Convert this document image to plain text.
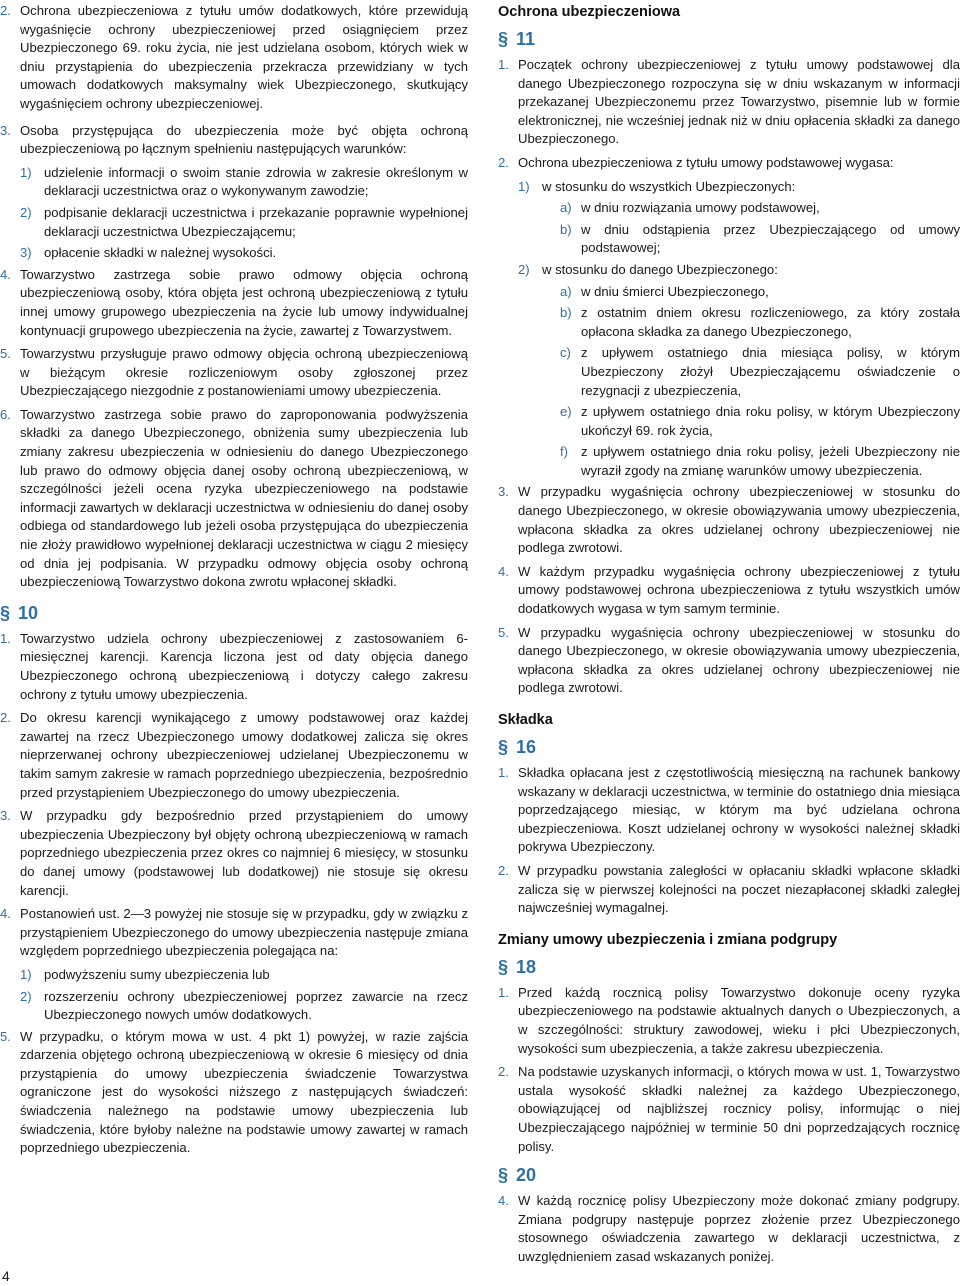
2. Ochrona ubezpieczeniowa z tytułu umów dodatkowych, które przewidują wygaśnięcie ochrony ubezpieczeniowej przed osiągnięciem przez Ubezpieczonego 69. roku życia, nie jest udzielana osobom, których wiek w dniu przystąpienia do ubezpieczenia przekracza przewidziany w tych umowach dodatkowych maksymalny wiek Ubezpieczonego, skutkujący wygaśnięciem ochrony ubezpieczeniowej.
3. Osoba przystępująca do ubezpieczenia może być objęta ochroną ubezpieczeniową po łącznym spełnieniu następujących warunków:
1) udzielenie informacji o swoim stanie zdrowia w zakresie określonym w deklaracji uczestnictwa oraz o wykonywanym zawodzie;
2) podpisanie deklaracji uczestnictwa i przekazanie poprawnie wypełnionej deklaracji uczestnictwa Ubezpieczającemu;
3) opłacenie składki w należnej wysokości.
4. Towarzystwo zastrzega sobie prawo odmowy objęcia ochroną ubezpieczeniową osoby, która objęta jest ochroną ubezpieczeniową z tytułu innej umowy grupowego ubezpieczenia na życie lub umowy indywidualnej kontynuacji grupowego ubezpieczenia na życie, zawartej z Towarzystwem.
5. Towarzystwu przysługuje prawo odmowy objęcia ochroną ubezpieczeniową w bieżącym okresie rozliczeniowym osoby zgłoszonej przez Ubezpieczającego niezgodnie z postanowieniami umowy ubezpieczenia.
6. Towarzystwo zastrzega sobie prawo do zaproponowania podwyższenia składki za danego Ubezpieczonego, obniżenia sumy ubezpieczenia lub zmiany zakresu ubezpieczenia w odniesieniu do danego Ubezpieczonego lub prawo do odmowy objęcia danej osoby ochroną ubezpieczeniową, w szczególności jeżeli ocena ryzyka ubezpieczeniowego na podstawie informacji zawartych w deklaracji uczestnictwa w odniesieniu do danej osoby odbiega od standardowego lub jeżeli osoba przystępująca do ubezpieczenia nie złoży prawidłowo wypełnionej deklaracji uczestnictwa w ciągu 2 miesięcy od dnia jej podpisania. W przypadku odmowy objęcia osoby ochroną ubezpieczeniową Towarzystwo dokona zwrotu wpłaconej składki.
§ 10
1. Towarzystwo udziela ochrony ubezpieczeniowej z zastosowaniem 6-miesięcznej karencji. Karencja liczona jest od daty objęcia danego Ubezpieczonego ochroną ubezpieczeniową i dotyczy całego zakresu ochrony z tytułu umowy ubezpieczenia.
2. Do okresu karencji wynikającego z umowy podstawowej oraz każdej zawartej na rzecz Ubezpieczonego umowy dodatkowej zalicza się okres nieprzerwanej ochrony ubezpieczeniowej udzielanej Ubezpieczonemu w takim samym zakresie w ramach poprzedniego ubezpieczenia, bezpośrednio przed przystąpieniem Ubezpieczonego do umowy ubezpieczenia.
3. W przypadku gdy bezpośrednio przed przystąpieniem do umowy ubezpieczenia Ubezpieczony był objęty ochroną ubezpieczeniową w ramach poprzedniego ubezpieczenia przez okres co najmniej 6 miesięcy, w stosunku do danej umowy (podstawowej lub dodatkowej) nie stosuje się okresu karencji.
4. Postanowień ust. 2—3 powyżej nie stosuje się w przypadku, gdy w związku z przystąpieniem Ubezpieczonego do umowy ubezpieczenia następuje zmiana względem poprzedniego ubezpieczenia polegająca na:
1) podwyższeniu sumy ubezpieczenia lub
2) rozszerzeniu ochrony ubezpieczeniowej poprzez zawarcie na rzecz Ubezpieczonego nowych umów dodatkowych.
5. W przypadku, o którym mowa w ust. 4 pkt 1) powyżej, w razie zajścia zdarzenia objętego ochroną ubezpieczeniową w okresie 6 miesięcy od dnia przystąpienia do umowy ubezpieczenia świadczenie Towarzystwa ograniczone jest do wysokości niższego z następujących świadczeń: świadczenia należnego na podstawie umowy ubezpieczenia lub świadczenia, które byłoby należne na podstawie umowy zawartej w ramach poprzedniego ubezpieczenia.
Ochrona ubezpieczeniowa
§ 11
1. Początek ochrony ubezpieczeniowej z tytułu umowy podstawowej dla danego Ubezpieczonego rozpoczyna się w dniu wskazanym w informacji przekazanej Ubezpieczonemu przez Towarzystwo, pisemnie lub w formie elektronicznej, nie wcześniej jednak niż w dniu opłacenia składki za danego Ubezpieczonego.
2. Ochrona ubezpieczeniowa z tytułu umowy podstawowej wygasa:
1) w stosunku do wszystkich Ubezpieczonych:
a) w dniu rozwiązania umowy podstawowej,
b) w dniu odstąpienia przez Ubezpieczającego od umowy podstawowej;
2) w stosunku do danego Ubezpieczonego:
a) w dniu śmierci Ubezpieczonego,
b) z ostatnim dniem okresu rozliczeniowego, za który została opłacona składka za danego Ubezpieczonego,
c) z upływem ostatniego dnia miesiąca polisy, w którym Ubezpieczony złożył Ubezpieczającemu oświadczenie o rezygnacji z ubezpieczenia,
e) z upływem ostatniego dnia roku polisy, w którym Ubezpieczony ukończył 69. rok życia,
f) z upływem ostatniego dnia roku polisy, jeżeli Ubezpieczony nie wyraził zgody na zmianę warunków umowy ubezpieczenia.
3. W przypadku wygaśnięcia ochrony ubezpieczeniowej w stosunku do danego Ubezpieczonego, w okresie obowiązywania umowy ubezpieczenia, wpłacona składka za okres udzielanej ochrony ubezpieczeniowej nie podlega zwrotowi.
4. W każdym przypadku wygaśnięcia ochrony ubezpieczeniowej z tytułu umowy podstawowej ochrona ubezpieczeniowa z tytułu wszystkich umów dodatkowych wygasa w tym samym terminie.
5. W przypadku wygaśnięcia ochrony ubezpieczeniowej w stosunku do danego Ubezpieczonego, w okresie obowiązywania umowy ubezpieczenia, wpłacona składka za okres udzielanej ochrony ubezpieczeniowej nie podlega zwrotowi.
Składka
§ 16
1. Składka opłacana jest z częstotliwością miesięczną na rachunek bankowy wskazany w deklaracji uczestnictwa, w terminie do ostatniego dnia miesiąca poprzedzającego miesiąc, w którym ma być udzielana ochrona ubezpieczeniowa. Koszt udzielanej ochrony w wysokości należnej składki pokrywa Ubezpieczony.
2. W przypadku powstania zaległości w opłacaniu składki wpłacone składki zalicza się w pierwszej kolejności na poczet niezapłaconej składki zaległej najwcześniej wymagalnej.
Zmiany umowy ubezpieczenia i zmiana podgrupy
§ 18
1. Przed każdą rocznicą polisy Towarzystwo dokonuje oceny ryzyka ubezpieczeniowego na podstawie aktualnych danych o Ubezpieczonych, a w szczególności: struktury zawodowej, wieku i płci Ubezpieczonych, wysokości sum ubezpieczenia, a także zakresu ubezpieczenia.
2. Na podstawie uzyskanych informacji, o których mowa w ust. 1, Towarzystwo ustala wysokość składki należnej za każdego Ubezpieczonego, obowiązującej od najbliższej rocznicy polisy, informując o niej Ubezpieczającego najpóźniej w terminie 50 dni poprzedzających rocznicę polisy.
§ 20
4. W każdą rocznicę polisy Ubezpieczony może dokonać zmiany podgrupy. Zmiana podgrupy następuje poprzez złożenie przez Ubezpieczonego stosownego oświadczenia zawartego w deklaracji uczestnictwa, z uwzględnieniem zasad wskazanych poniżej.
4
